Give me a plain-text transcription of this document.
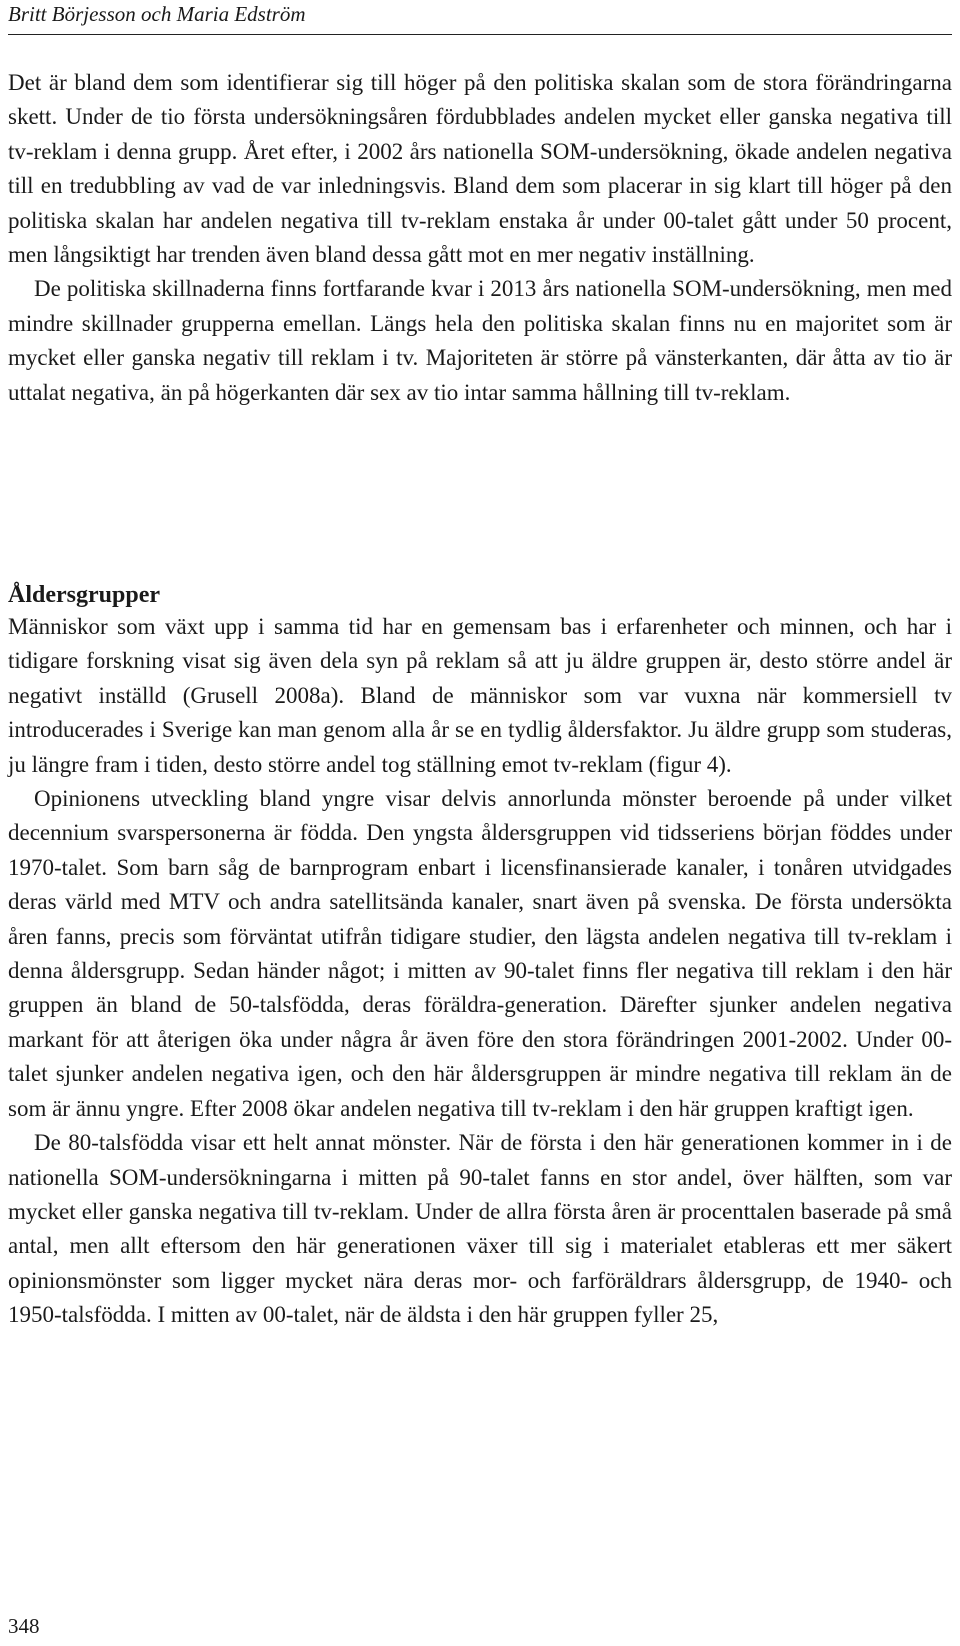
Britt Börjesson och Maria Edström

Det är bland dem som identifierar sig till höger på den politiska skalan som de stora förändringarna skett. Under de tio första undersökningsåren fördubblades andelen mycket eller ganska negativa till tv-reklam i denna grupp. Året efter, i 2002 års nationella SOM-undersökning, ökade andelen negativa till en tredubbling av vad de var inledningsvis. Bland dem som placerar in sig klart till höger på den politiska skalan har andelen negativa till tv-reklam enstaka år under 00-talet gått under 50 procent, men långsiktigt har trenden även bland dessa gått mot en mer negativ inställning.

De politiska skillnaderna finns fortfarande kvar i 2013 års nationella SOM-undersökning, men med mindre skillnader grupperna emellan. Längs hela den politiska skalan finns nu en majoritet som är mycket eller ganska negativ till reklam i tv. Majoriteten är större på vänsterkanten, där åtta av tio är uttalat negativa, än på högerkanten där sex av tio intar samma hållning till tv-reklam.

Åldersgrupper

Människor som växt upp i samma tid har en gemensam bas i erfarenheter och minnen, och har i tidigare forskning visat sig även dela syn på reklam så att ju äldre gruppen är, desto större andel är negativt inställd (Grusell 2008a). Bland de människor som var vuxna när kommersiell tv introducerades i Sverige kan man genom alla år se en tydlig åldersfaktor. Ju äldre grupp som studeras, ju längre fram i tiden, desto större andel tog ställning emot tv-reklam (figur 4).

Opinionens utveckling bland yngre visar delvis annorlunda mönster beroende på under vilket decennium svarspersonerna är födda. Den yngsta åldersgruppen vid tidsseriens början föddes under 1970-talet. Som barn såg de barnprogram enbart i licensfinansierade kanaler, i tonåren utvidgades deras värld med MTV och andra satellitsända kanaler, snart även på svenska. De första undersökta åren fanns, precis som förväntat utifrån tidigare studier, den lägsta andelen negativa till tv-reklam i denna åldersgrupp. Sedan händer något; i mitten av 90-talet finns fler negativa till reklam i den här gruppen än bland de 50-talsfödda, deras föräldra-generation. Därefter sjunker andelen negativa markant för att återigen öka under några år även före den stora förändringen 2001-2002. Under 00-talet sjunker andelen negativa igen, och den här åldersgruppen är mindre negativa till reklam än de som är ännu yngre. Efter 2008 ökar andelen negativa till tv-reklam i den här gruppen kraftigt igen.

De 80-talsfödda visar ett helt annat mönster. När de första i den här generationen kommer in i de nationella SOM-undersökningarna i mitten på 90-talet fanns en stor andel, över hälften, som var mycket eller ganska negativa till tv-reklam. Under de allra första åren är procenttalen baserade på små antal, men allt eftersom den här generationen växer till sig i materialet etableras ett mer säkert opinionsmönster som ligger mycket nära deras mor- och farföräldrars åldersgrupp, de 1940- och 1950-talsfödda. I mitten av 00-talet, när de äldsta i den här gruppen fyller 25,

348
